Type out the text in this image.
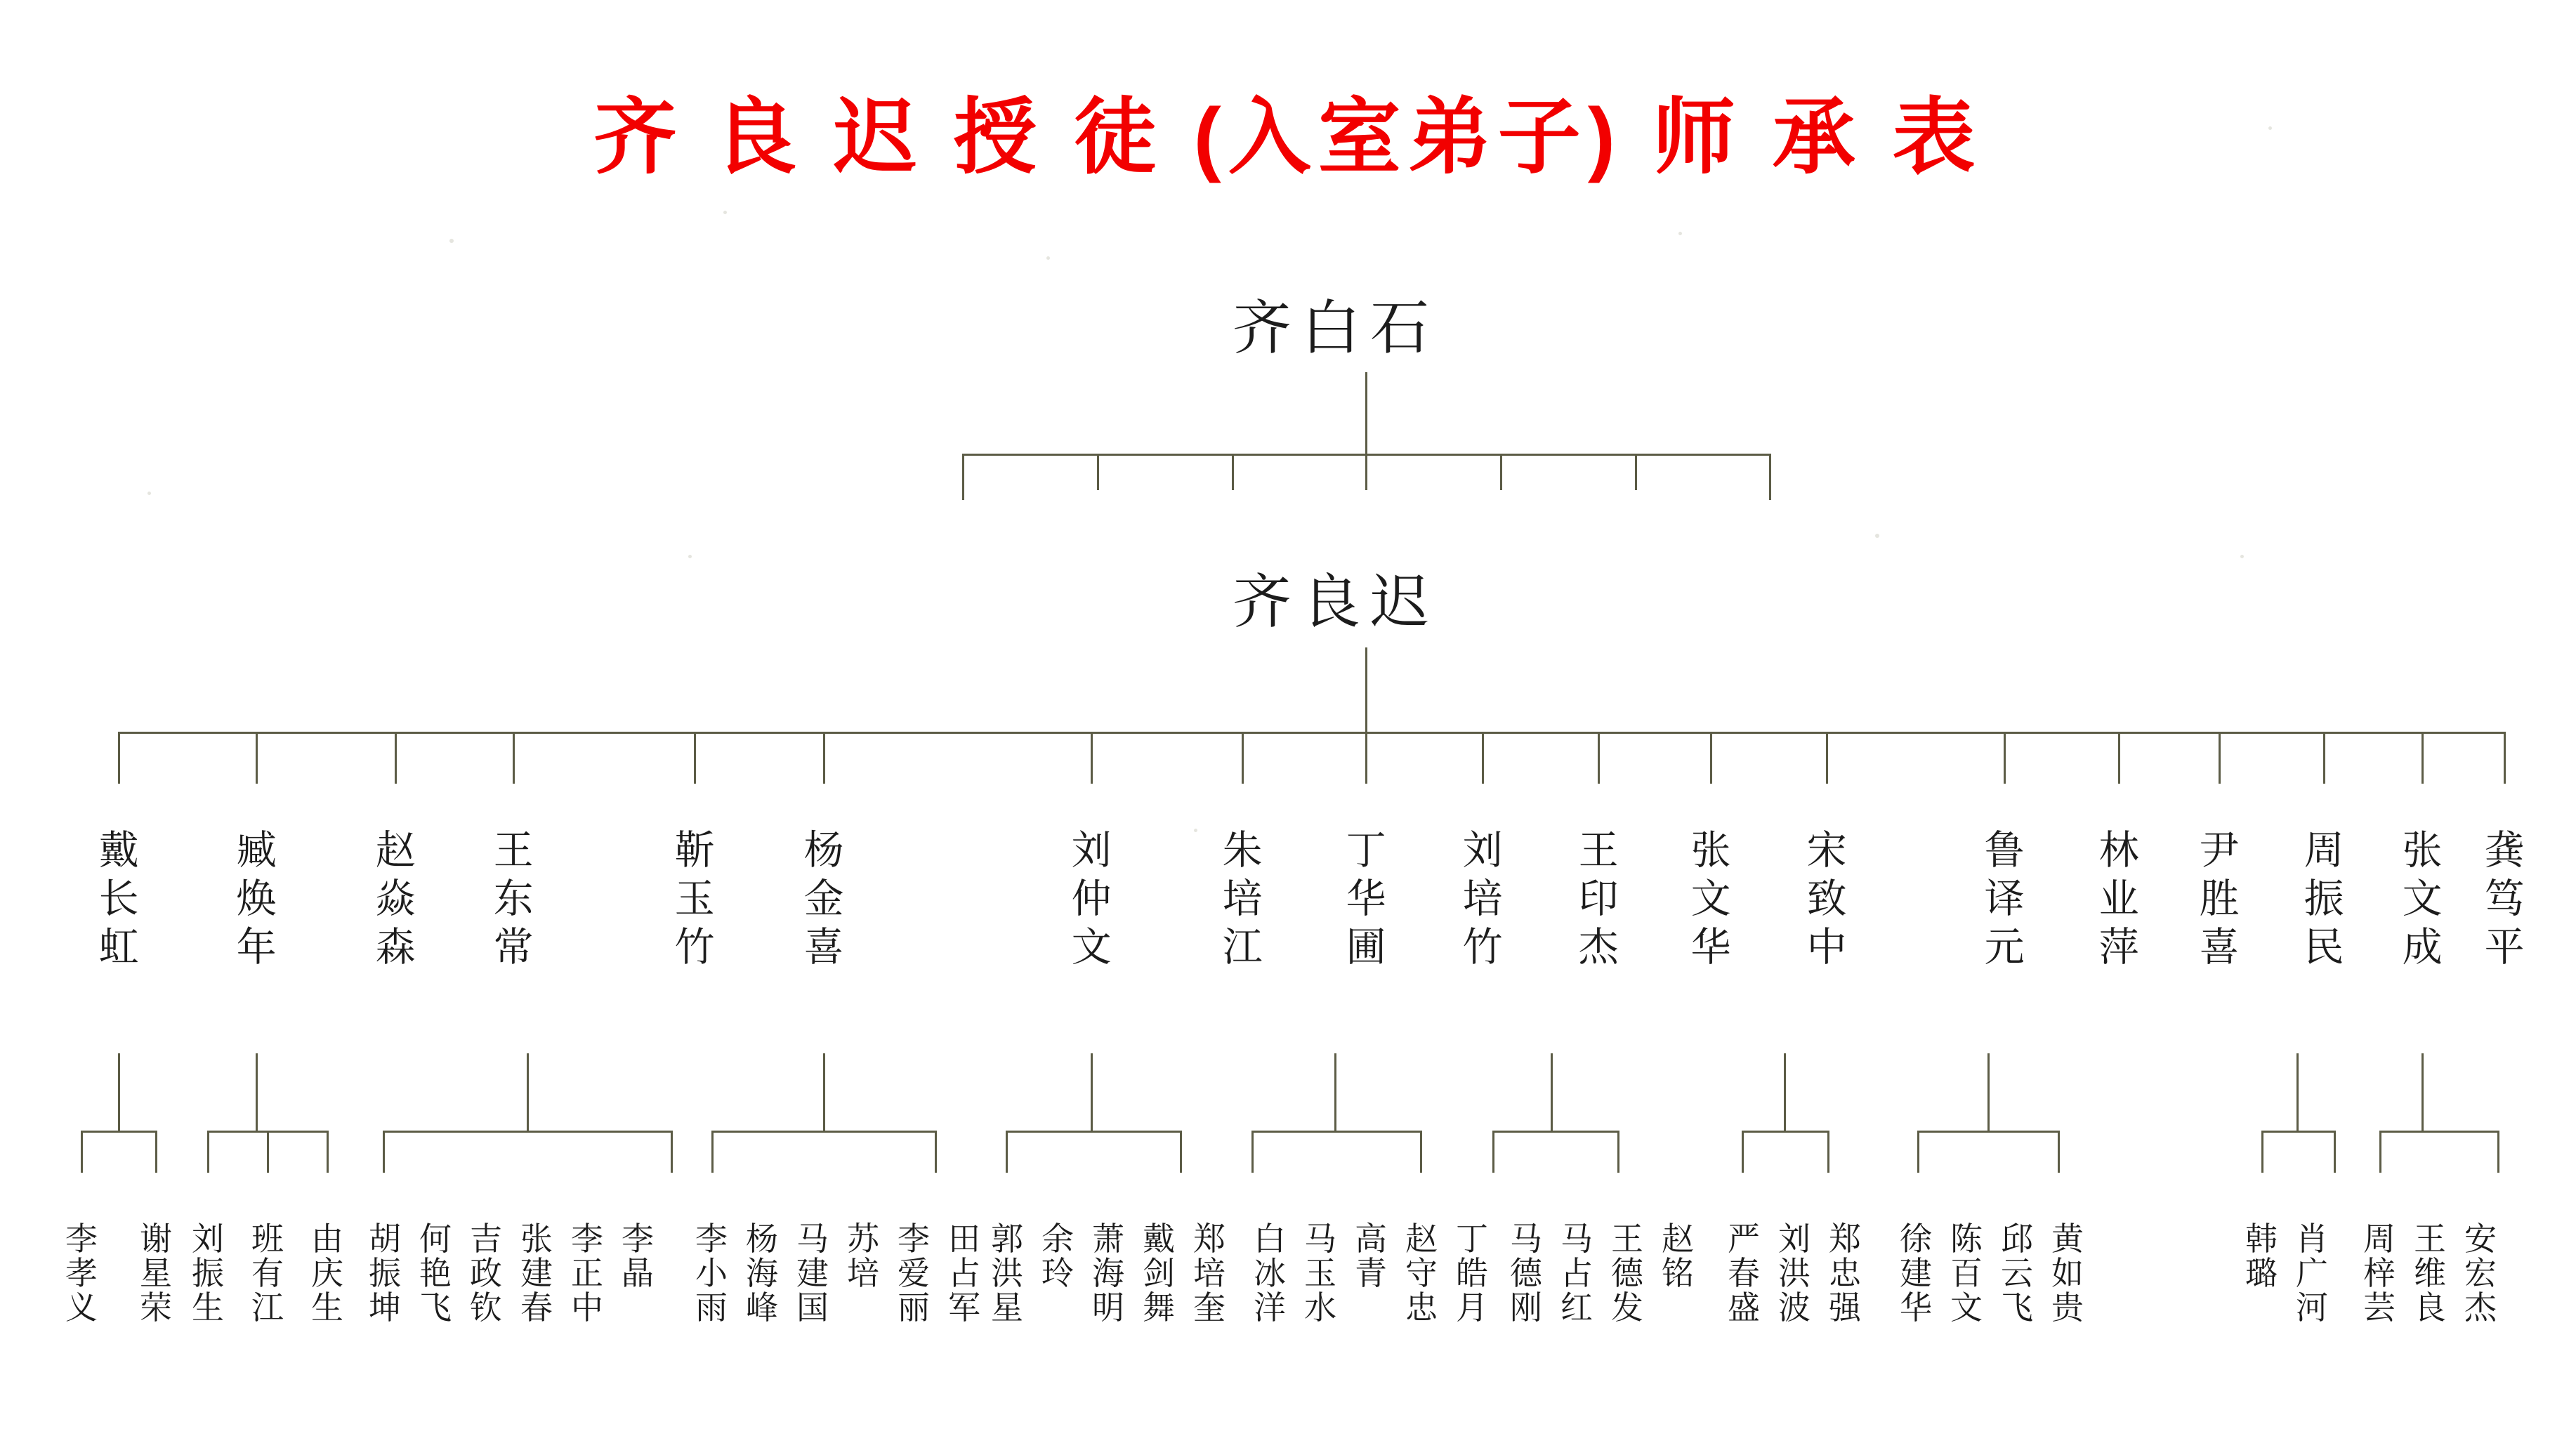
齐 良 迟 授 徒 (入室弟子) 师 承 表
齐白石
齐良迟
戴长虹 臧焕年 赵焱森 王东常	靳玉竹 杨金喜	刘仲文	朱培江 丁华圃 刘培竹 王印杰 张文华 宋致中	鲁译元 林业萍 尹胜喜 周振民 张文成 龚笃平
李
孝
义
谢
星
荣
刘
振
生
班
有
江
由
庆
生
胡
振
坤
何
艳
飞
吉
政
钦
张
建
春
李
正
中
李
晶
李
小
雨
杨
海
峰
马
建
国
苏
培
李
爱
丽
田
占
军
郭
洪
星
余
玲
萧
海
明
戴
剑
舞
郑
培
奎
白
冰
洋
马
玉
水
高
青
赵
守
忠
丁
皓
月
马
德
刚
马
占
红
王
德
发
赵
铭
严
春
盛
刘
洪
波
郑
忠
强
徐
建
华
陈
百
文
邱
云
飞
黄
如
贵
韩
璐
肖
广
河
周
梓
芸
王
维
良
安
宏
杰
